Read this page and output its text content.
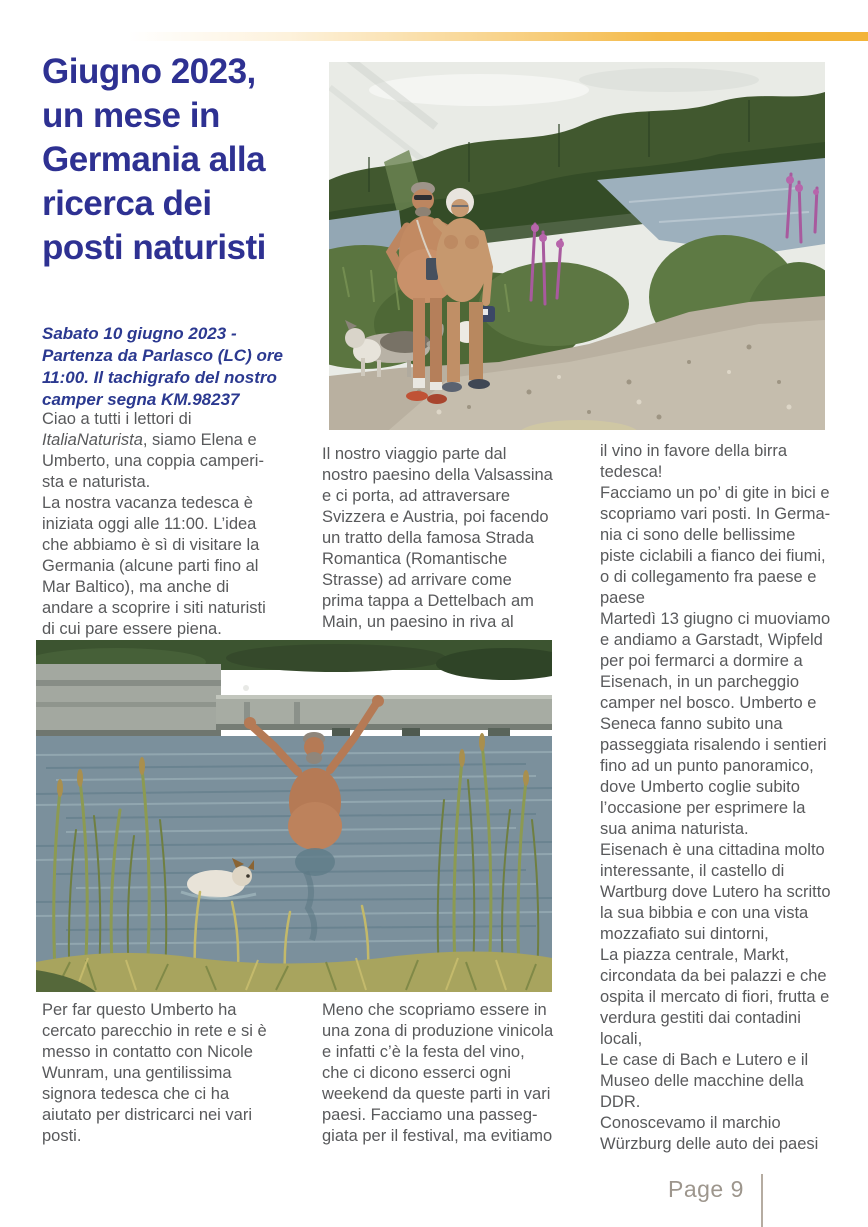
Giugno 2023,
un mese in
Germania alla
ricerca dei
posti naturisti
Sabato 10 giugno 2023 -
Partenza da Parlasco (LC) ore
11:00. Il tachigrafo del nostro
camper segna KM.98237
Ciao a tutti i lettori di
ItaliaNaturista, siamo Elena e
Umberto, una coppia camperi-
sta e naturista.
La nostra vacanza tedesca è
iniziata oggi alle 11:00. L’idea
che abbiamo è sì di visitare la
Germania (alcune parti fino al
Mar Baltico), ma anche di
andare a scoprire i siti naturisti
di cui pare essere piena.
Il nostro viaggio parte dal
nostro paesino della Valsassina
e ci porta, ad attraversare
Svizzera e Austria, poi facendo
un tratto della famosa Strada
Romantica (Romantische
Strasse) ad arrivare come
prima tappa a Dettelbach am
Main, un paesino in riva al
il vino in favore della birra
tedesca!
Facciamo un po’ di gite in bici e
scopriamo vari posti. In Germa-
nia ci sono delle bellissime
piste ciclabili a fianco dei fiumi,
o di collegamento fra paese e
paese
Martedì 13 giugno ci muoviamo
e andiamo a Garstadt, Wipfeld
per poi fermarci a dormire a
Eisenach, in un parcheggio
camper nel bosco. Umberto e
Seneca fanno subito una
passeggiata risalendo i sentieri
fino ad un punto panoramico,
dove Umberto coglie subito
l’occasione per esprimere la
sua anima naturista.
Eisenach è una cittadina molto
interessante, il castello di
Wartburg dove Lutero ha scritto
la sua bibbia e con una vista
mozzafiato sui dintorni,
La piazza centrale, Markt,
circondata da bei palazzi e che
ospita il mercato di fiori, frutta e
verdura gestiti dai contadini
locali,
Le case di Bach e Lutero e il
Museo delle macchine della
DDR.
Conoscevamo il marchio
Würzburg delle auto dei paesi
Per far questo Umberto ha
cercato parecchio in rete e si è
messo in contatto con Nicole
Wunram, una gentilissima
signora tedesca che ci ha
aiutato per districarci nei vari
posti.
Meno che scopriamo essere in
una zona di produzione vinicola
e infatti c’è la festa del vino,
che ci dicono esserci ogni
weekend da queste parti in vari
paesi. Facciamo una passeg-
giata per il festival, ma evitiamo
Page 9
